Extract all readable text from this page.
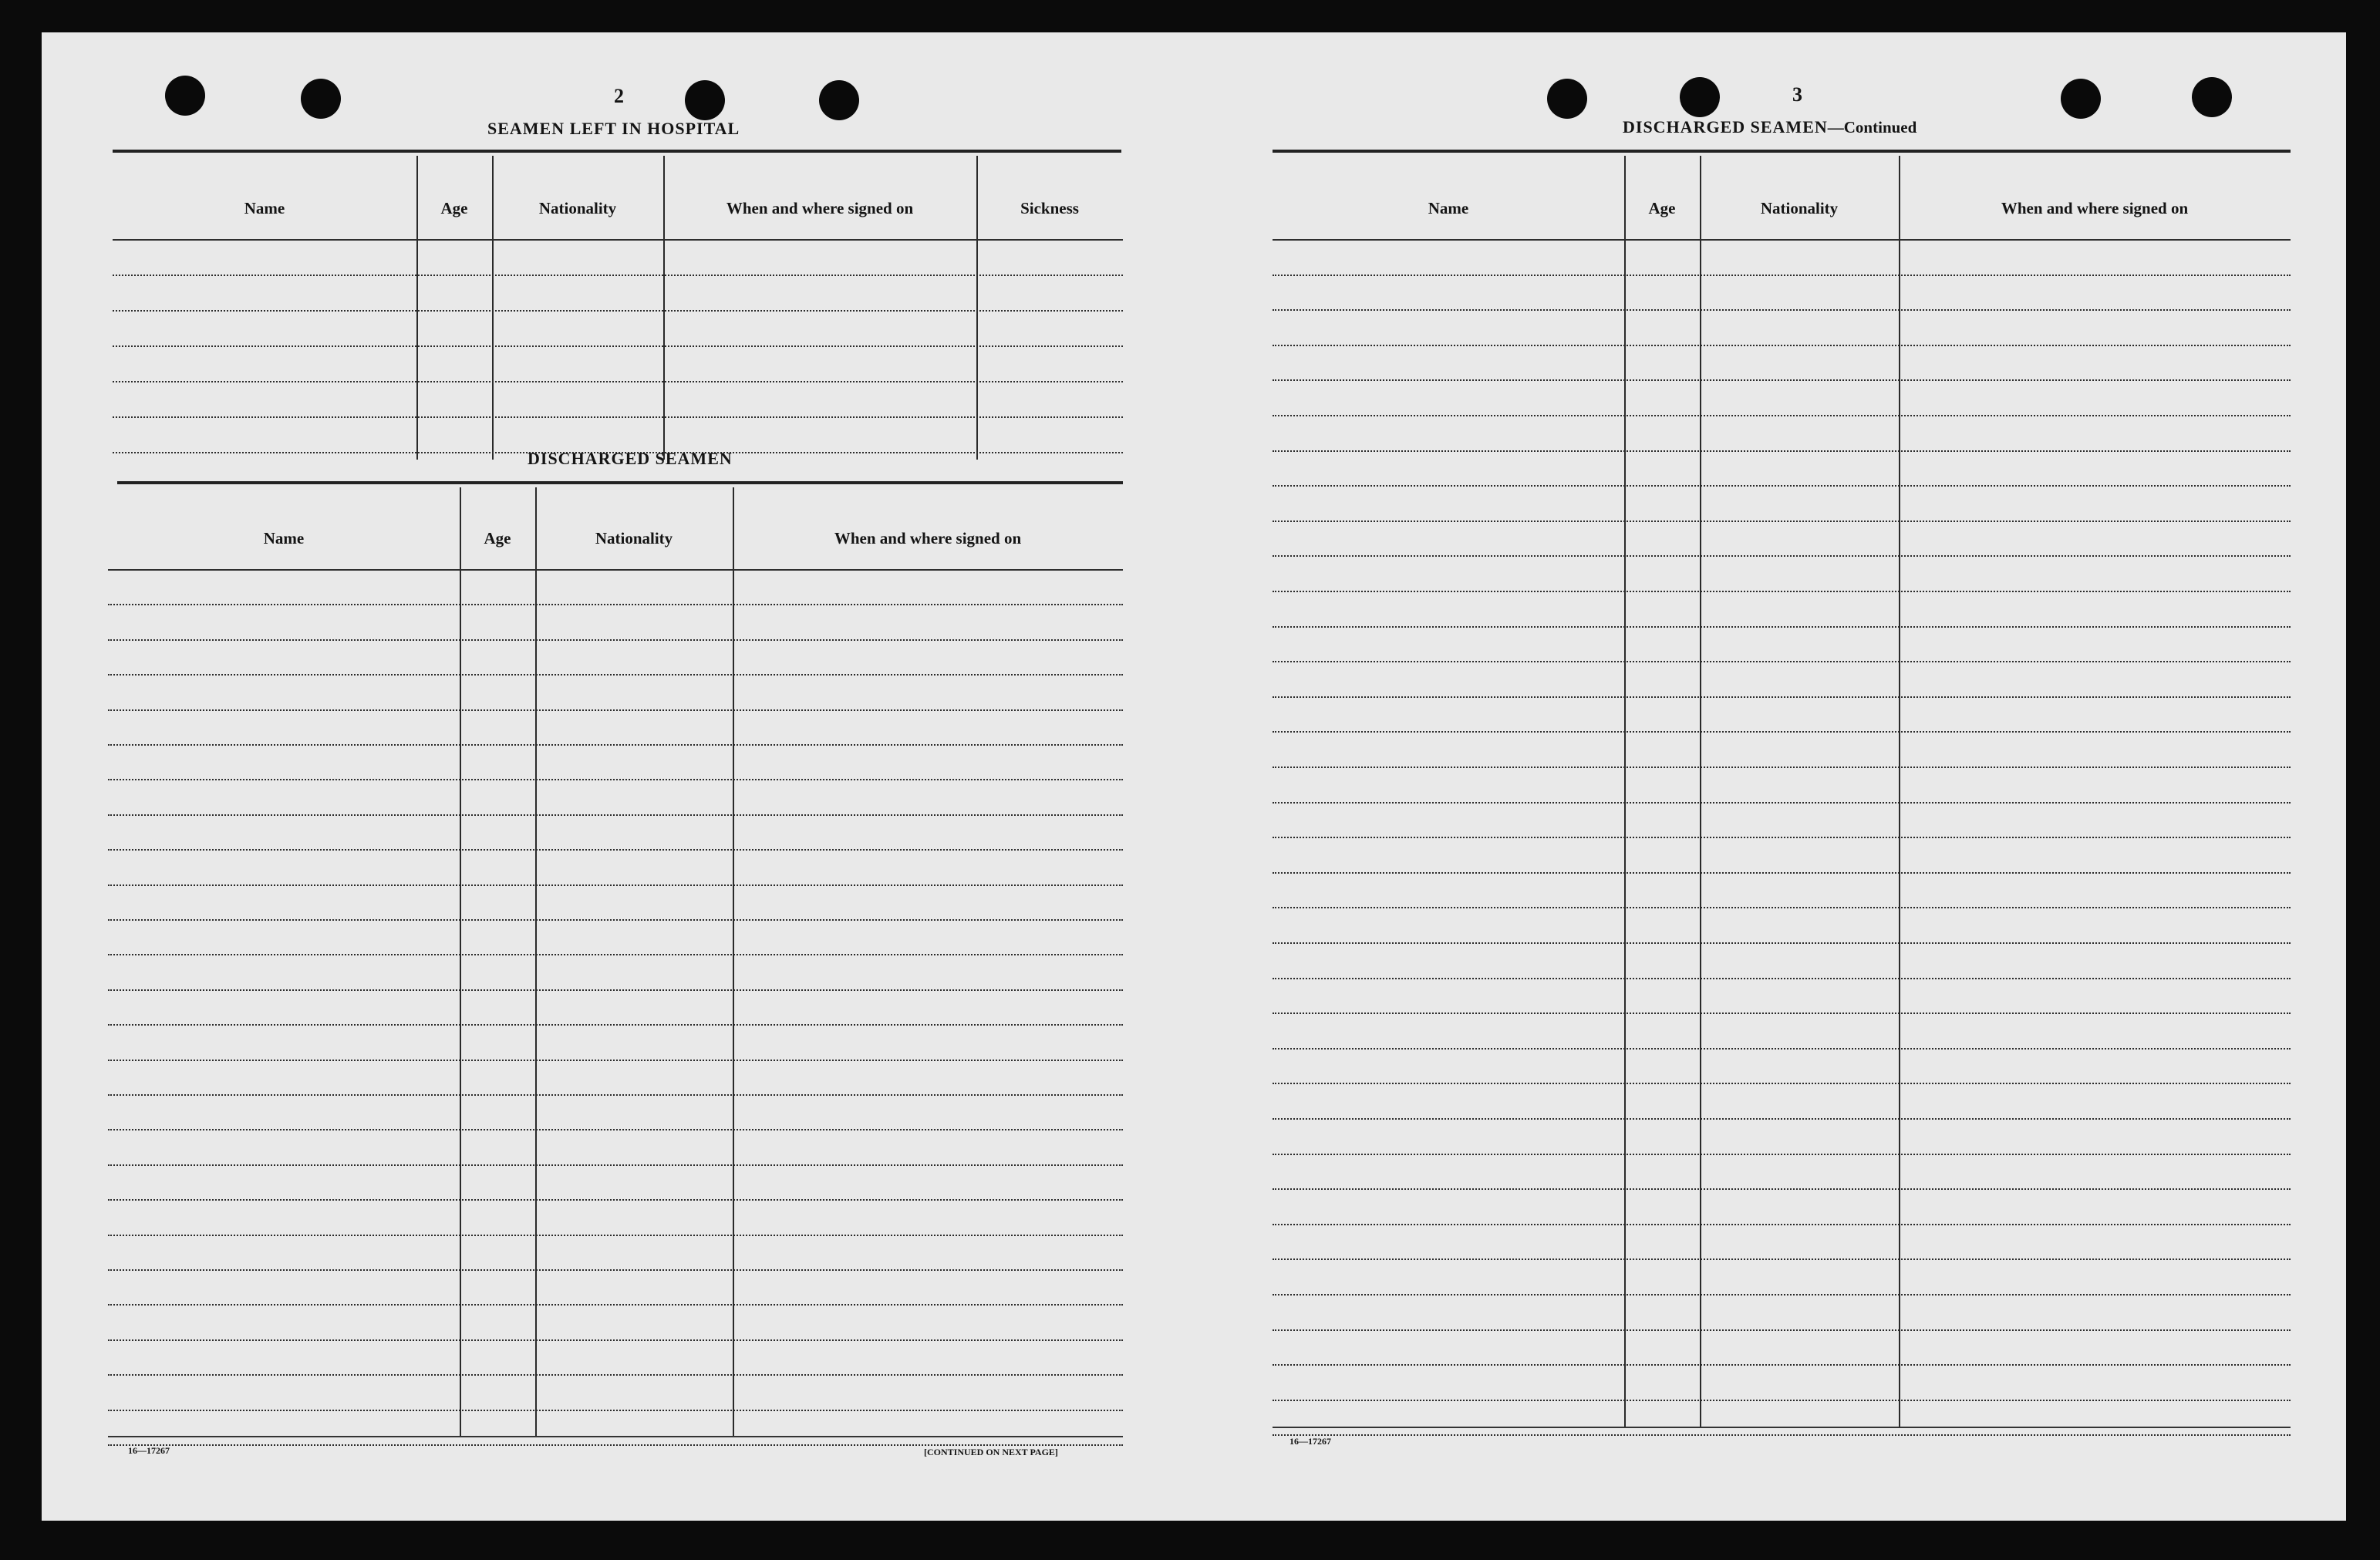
2
SEAMEN LEFT IN HOSPITAL
Name	Age	Nationality	When and where signed on	Sickness
DISCHARGED SEAMEN
Name	Age	Nationality	When and where signed on
16—17267	[CONTINUED ON NEXT PAGE]
3
DISCHARGED SEAMEN—Continued
Name	Age	Nationality	When and where signed on
16—17267
